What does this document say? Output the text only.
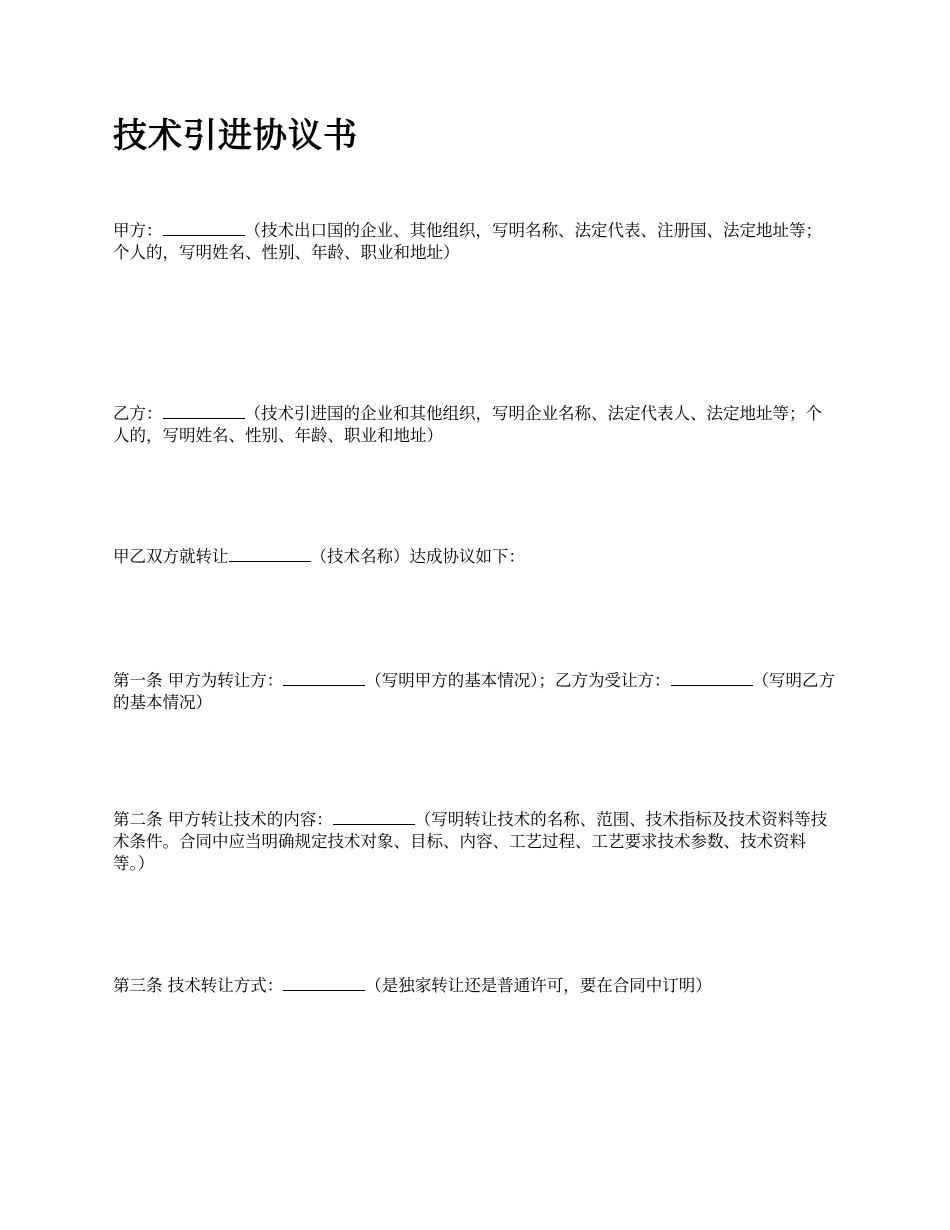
技术引进协议书

甲方：	（技术出口国的企业、其他组织，写明名称、法定代表、注册国、法定地址等；个人的，写明姓名、性别、年龄、职业和地址）

乙方：	（技术引进国的企业和其他组织，写明企业名称、法定代表人、法定地址等；个人的，写明姓名、性别、年龄、职业和地址）

甲乙双方就转让	（技术名称）达成协议如下：

第一条 甲方为转让方：	（写明甲方的基本情况）；乙方为受让方：	（写明乙方的基本情况）

第二条 甲方转让技术的内容：	（写明转让技术的名称、范围、技术指标及技术资料等技术条件。合同中应当明确规定技术对象、目标、内容、工艺过程、工艺要求技术参数、技术资料等。）

第三条 技术转让方式：	（是独家转让还是普通许可，要在合同中订明）
